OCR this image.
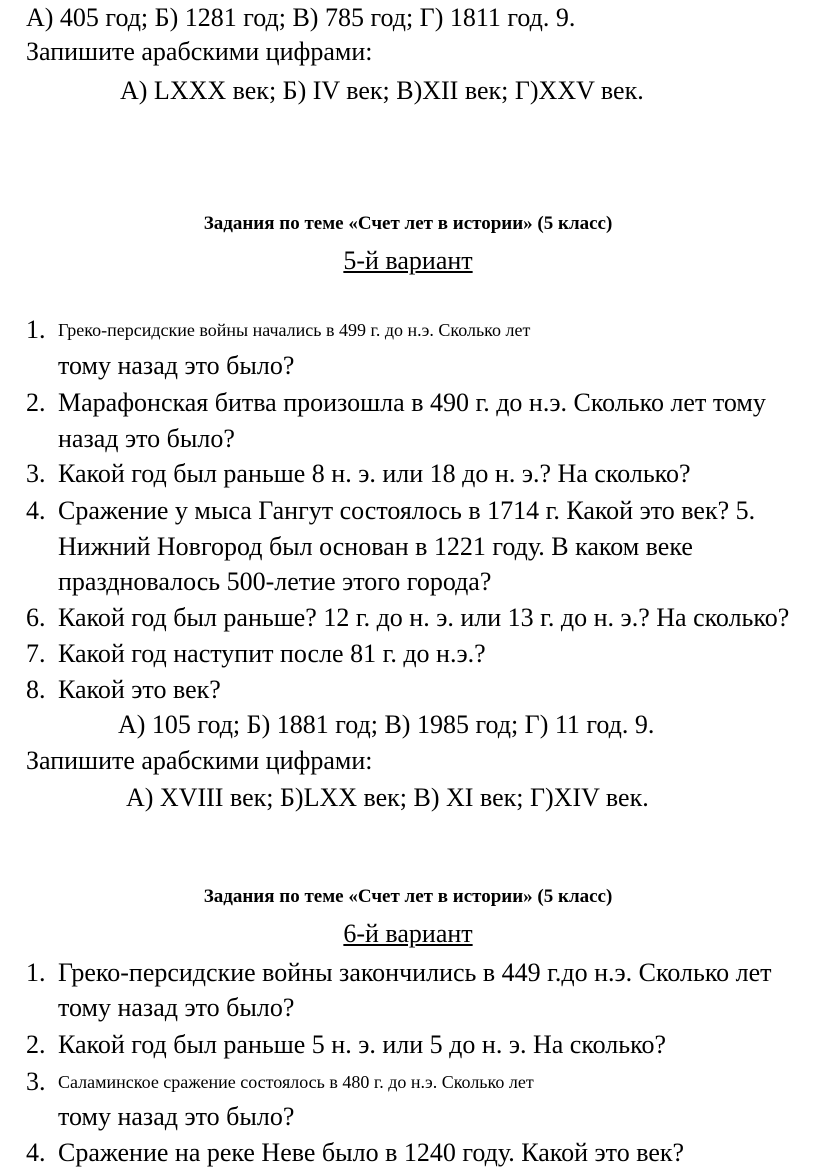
А) 405 год; Б) 1281 год; В) 785 год; Г) 1811 год. 9.
Запишите арабскими цифрами:
А) LXXX век; Б) IV век; В)XII век; Г)XXV век.
Задания по теме «Счет лет в истории» (5 класс)
5-й вариант
1. Греко-персидские войны начались в 499 г. до н.э. Сколько лет
тому назад это было?
2. Марафонская битва произошла в 490 г. до н.э. Сколько лет тому
назад это было?
3. Какой год был раньше 8 н. э. или 18 до н. э.? На сколько?
4. Сражение у мыса Гангут состоялось в 1714 г. Какой это век? 5.
Нижний Новгород был основан в 1221 году. В каком веке
праздновалось 500-летие этого города?
6. Какой год был раньше? 12 г. до н. э. или 13 г. до н. э.? На сколько?
7. Какой год наступит после 81 г. до н.э.?
8. Какой это век?
А) 105 год; Б) 1881 год; В) 1985 год; Г) 11 год. 9.
Запишите арабскими цифрами:
А) XVIII век; Б)LXX век; В) XI век; Г)XIV век.
Задания по теме «Счет лет в истории» (5 класс)
6-й вариант
1. Греко-персидские войны закончились в 449 г.до н.э. Сколько лет
тому назад это было?
2. Какой год был раньше 5 н. э. или 5 до н. э. На сколько?
3. Саламинское сражение состоялось в 480 г. до н.э. Сколько лет
тому назад это было?
4. Сражение на реке Неве было в 1240 году. Какой это век?
